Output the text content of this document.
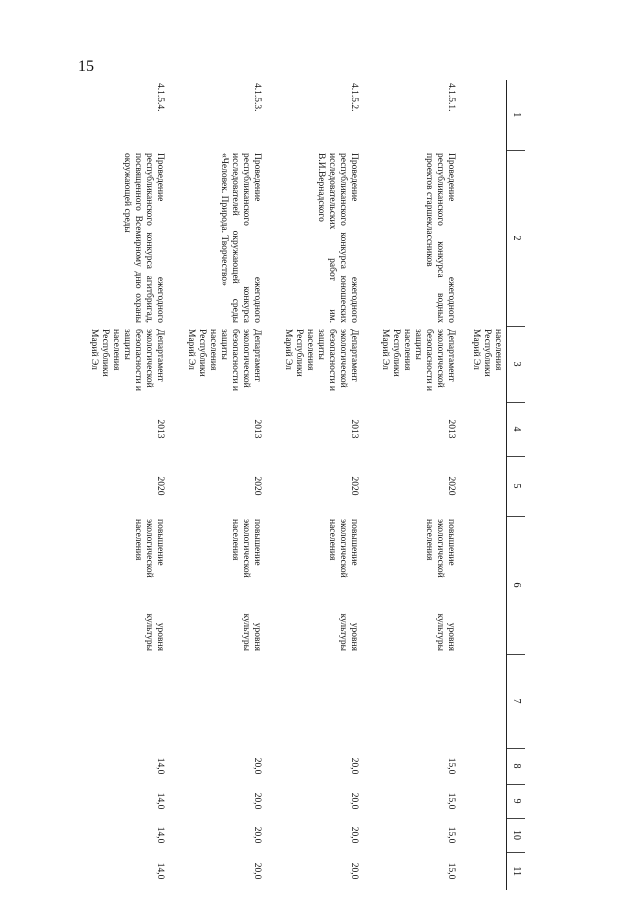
15
1	2	3	4	5	6	7	8	9	10	11
		населения Республики Марий Эл								
4.1.5.1.	Проведение ежегодного республиканского конкурса водных проектов старшеклассников	Департамент экологической безопасности и защиты населения Республики Марий Эл	2013	2020	повышение уровня экологической культуры населения		15,0	15,0	15,0	15,0
4.1.5.2.	Проведение ежегодного республиканского конкурса юношеских исследовательских работ им. В.И.Вернадского	Департамент экологической безопасности и защиты населения Республики Марий Эл	2013	2020	повышение уровня экологической культуры населения		20,0	20,0	20,0	20,0
4.1.5.3.	Проведение ежегодного республиканского конкурса исследователей окружающей среды «Человек. Природа. Творчество»	Департамент экологической безопасности и защиты населения Республики Марий Эл	2013	2020	повышение уровня экологической культуры населения		20,0	20,0	20,0	20,0
4.1.5.4.	Проведение ежегодного республиканского конкурса агитбригад, посвященного Всемирному дню охраны окружающей среды	Департамент экологической безопасности и защиты населения Республики Марий Эл	2013	2020	повышение уровня экологической культуры населения		14,0	14,0	14,0	14,0
